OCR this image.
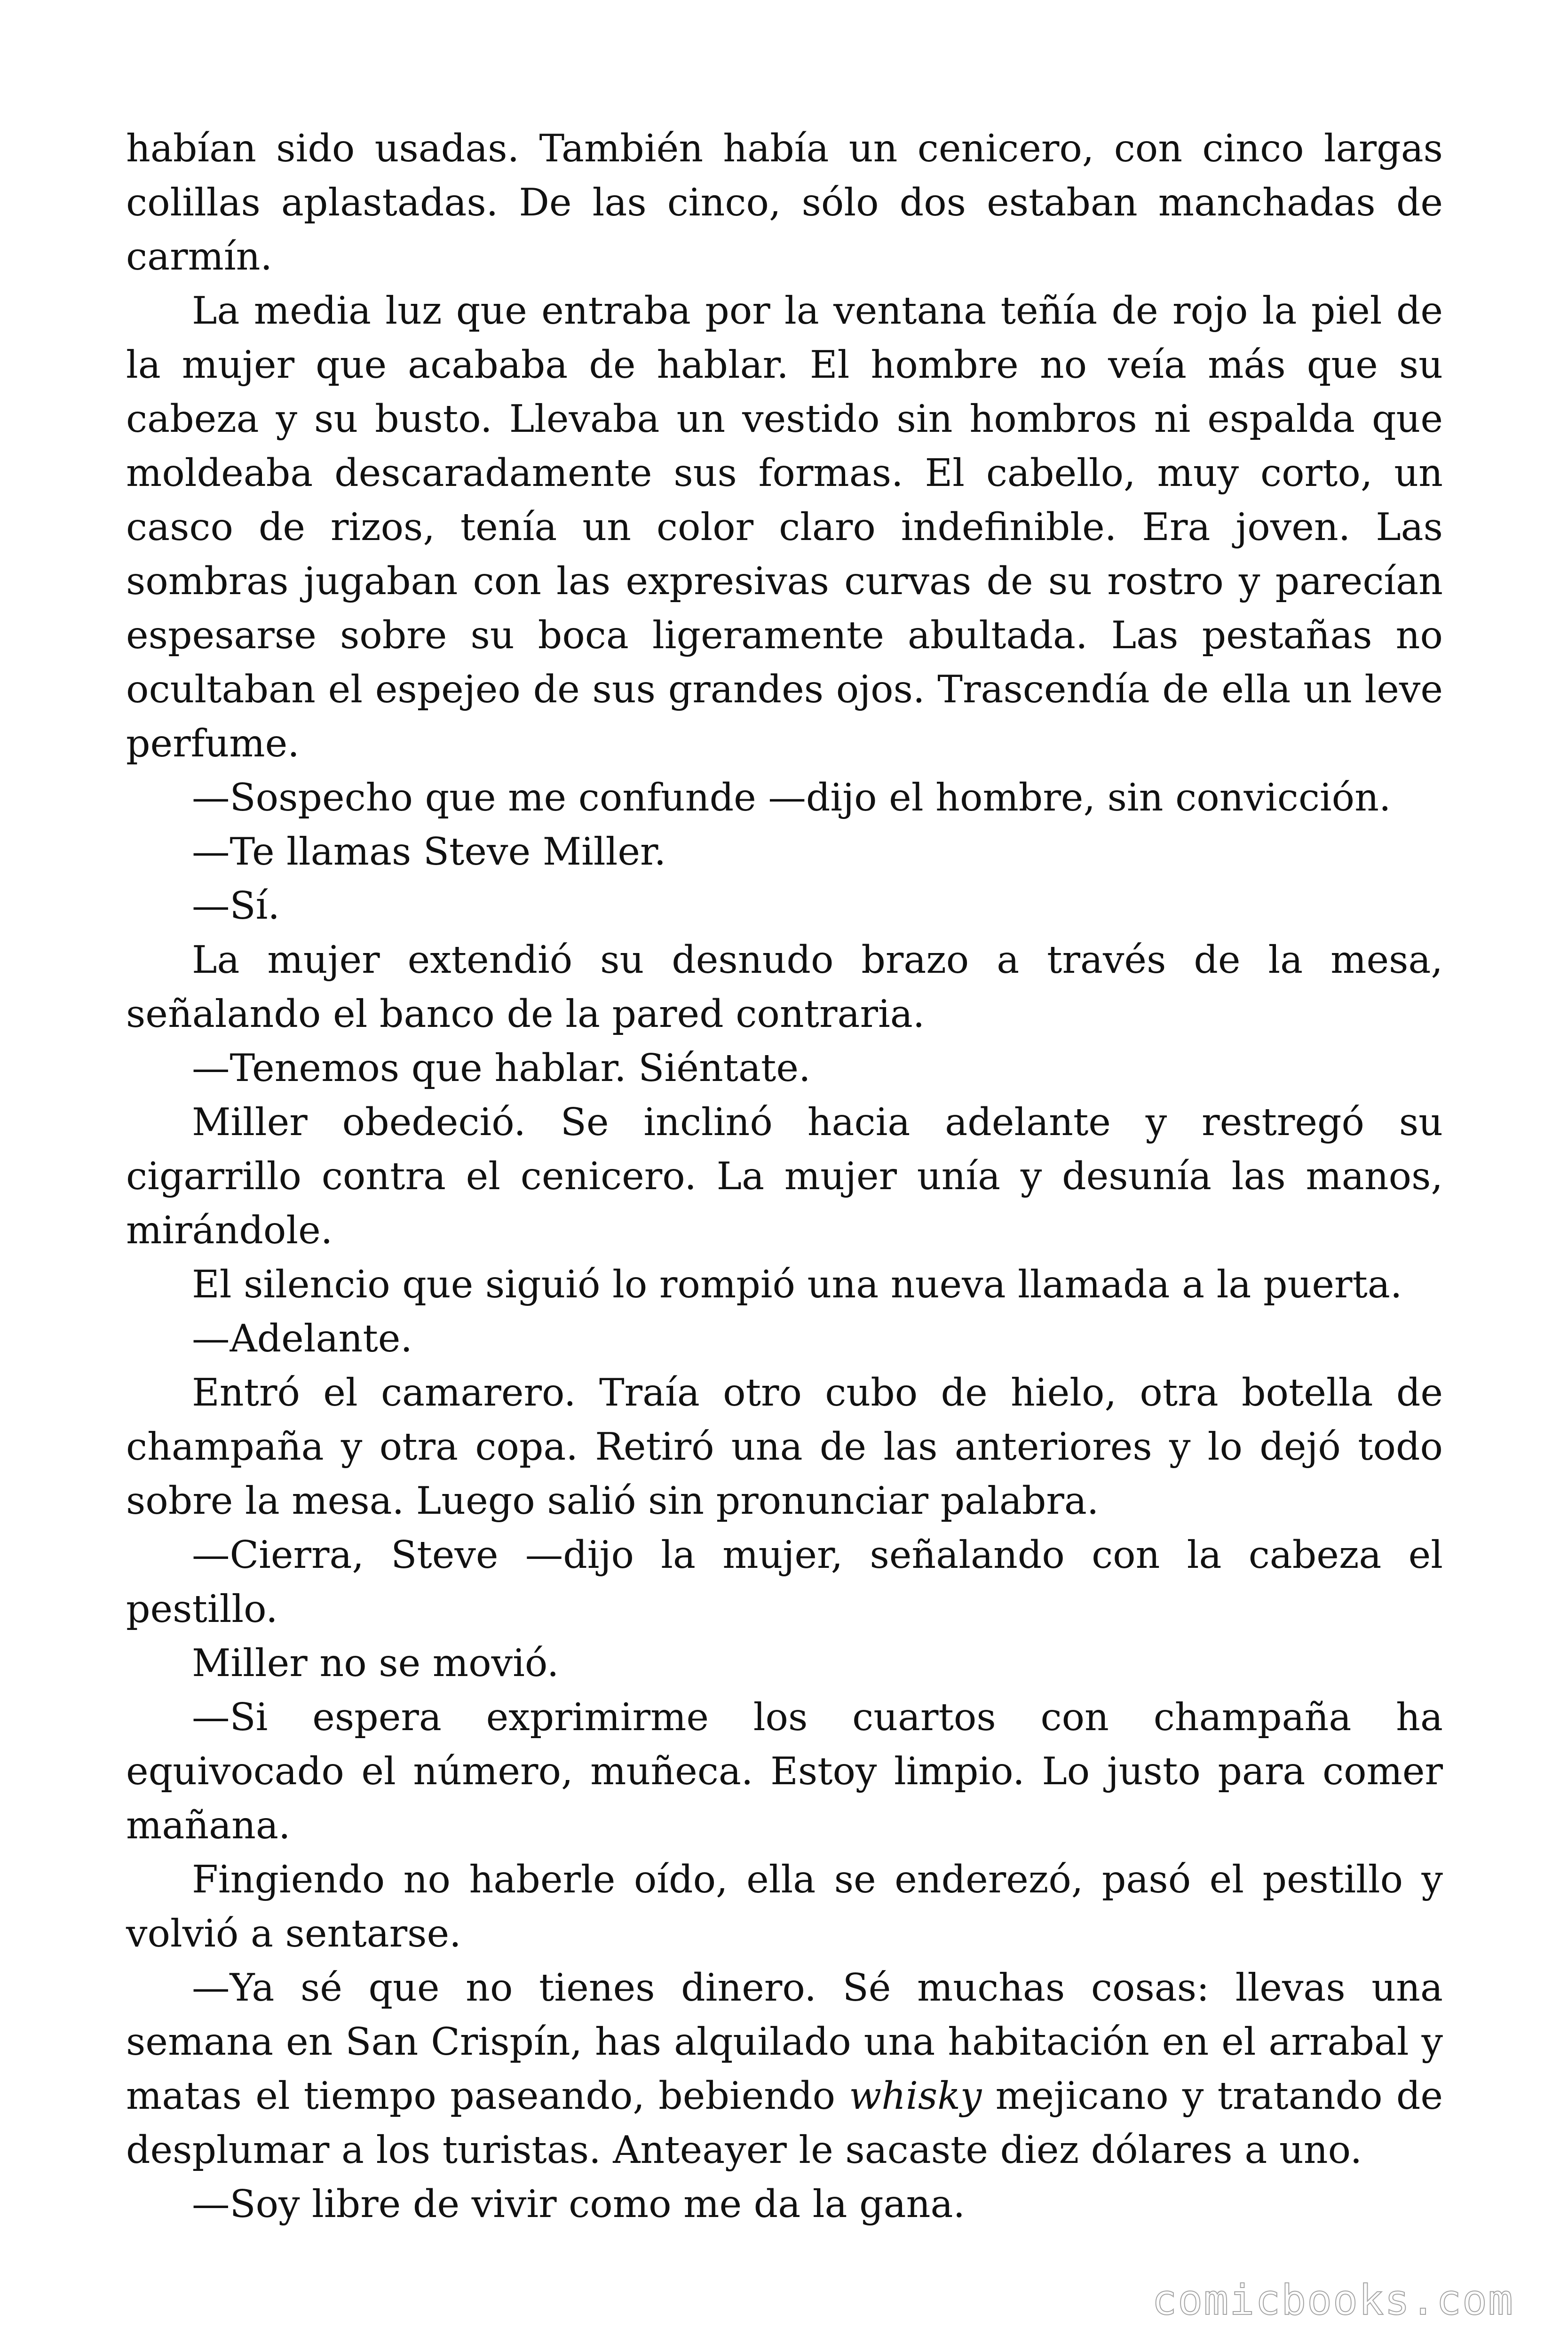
habían sido usadas. También había un cenicero, con cinco largas colillas aplastadas. De las cinco, sólo dos estaban manchadas de carmín.

La media luz que entraba por la ventana teñía de rojo la piel de la mujer que acababa de hablar. El hombre no veía más que su cabeza y su busto. Llevaba un vestido sin hombros ni espalda que moldeaba descaradamente sus formas. El cabello, muy corto, un casco de rizos, tenía un color claro indefinible. Era joven. Las sombras jugaban con las expresivas curvas de su rostro y parecían espesarse sobre su boca ligeramente abultada. Las pestañas no ocultaban el espejeo de sus grandes ojos. Trascendía de ella un leve perfume.

—Sospecho que me confunde —dijo el hombre, sin convicción.

—Te llamas Steve Miller.

—Sí.

La mujer extendió su desnudo brazo a través de la mesa, señalando el banco de la pared contraria.

—Tenemos que hablar. Siéntate.

Miller obedeció. Se inclinó hacia adelante y restregó su cigarrillo contra el cenicero. La mujer unía y desunía las manos, mirándole.

El silencio que siguió lo rompió una nueva llamada a la puerta.

—Adelante.

Entró el camarero. Traía otro cubo de hielo, otra botella de champaña y otra copa. Retiró una de las anteriores y lo dejó todo sobre la mesa. Luego salió sin pronunciar palabra.

—Cierra, Steve —dijo la mujer, señalando con la cabeza el pestillo.

Miller no se movió.

—Si espera exprimirme los cuartos con champaña ha equivocado el número, muñeca. Estoy limpio. Lo justo para comer mañana.

Fingiendo no haberle oído, ella se enderezó, pasó el pestillo y volvió a sentarse.

—Ya sé que no tienes dinero. Sé muchas cosas: llevas una semana en San Crispín, has alquilado una habitación en el arrabal y matas el tiempo paseando, bebiendo whisky mejicano y tratando de desplumar a los turistas. Anteayer le sacaste diez dólares a uno.

—Soy libre de vivir como me da la gana.

comicbooks.com
